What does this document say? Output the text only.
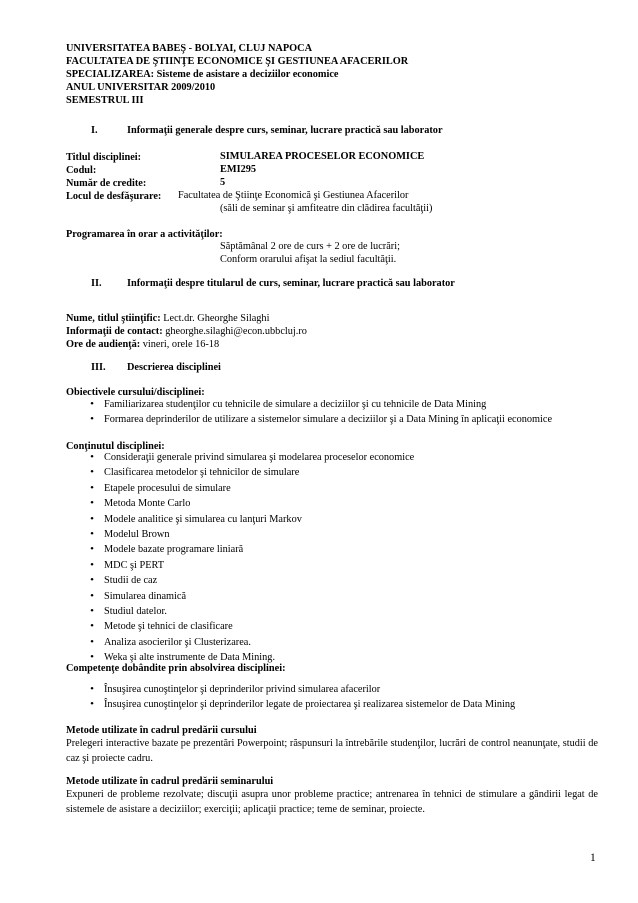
UNIVERSITATEA BABEŞ - BOLYAI, CLUJ NAPOCA
FACULTATEA DE ŞTIINŢE ECONOMICE ŞI GESTIUNEA AFACERILOR
SPECIALIZAREA: Sisteme de asistare a deciziilor economice
ANUL UNIVERSITAR 2009/2010
SEMESTRUL III
I.	Informaţii generale despre curs, seminar, lucrare practică sau laborator
Titlul disciplinei:	SIMULAREA PROCESELOR ECONOMICE
Codul:	EMI295
Număr de credite:	5
Locul de desfăşurare: Facultatea de Ştiinţe Economică şi Gestiunea Afacerilor
(săli de seminar şi amfiteatre din clădirea facultăţii)
Programarea în orar a activităţilor:
Săptămânal 2 ore de curs + 2 ore de lucrări;
Conform orarului afişat la sediul facultăţii.
II. Informaţii despre titularul de curs, seminar, lucrare practică sau laborator
Nume, titlul ştiinţific: Lect.dr. Gheorghe Silaghi
Informaţii de contact: gheorghe.silaghi@econ.ubbcluj.ro
Ore de audienţă: vineri, orele 16-18
III. Descrierea disciplinei
Obiectivele cursului/disciplinei:
• Familiarizarea studenţilor cu tehnicile de simulare a deciziilor şi cu tehnicile de Data Mining
• Formarea deprinderilor de utilizare a sistemelor simulare a deciziilor şi a Data Mining în aplicaţii economice
Conţinutul disciplinei:
• Consideraţii generale privind simularea şi modelarea proceselor economice
• Clasificarea metodelor şi tehnicilor de simulare
• Etapele procesului de simulare
• Metoda Monte Carlo
• Modele analitice şi simularea cu lanţuri Markov
• Modelul Brown
• Modele bazate programare liniară
• MDC şi PERT
• Studii de caz
• Simularea dinamică
• Studiul datelor.
• Metode şi tehnici de clasificare
• Analiza asocierilor şi Clusterizarea.
• Weka şi alte instrumente de Data Mining.
Competenţe dobândite prin absolvirea disciplinei:
• Însuşirea cunoştinţelor şi deprinderilor privind simularea afacerilor
• Însuşirea cunoştinţelor şi deprinderilor legate de proiectarea şi realizarea sistemelor de Data Mining
Metode utilizate în cadrul predării cursului
Prelegeri interactive bazate pe prezentări Powerpoint; răspunsuri la întrebările studenţilor, lucrări de control neanunţate, studii de caz şi proiecte cadru.
Metode utilizate în cadrul predării seminarului
Expuneri de probleme rezolvate; discuţii asupra unor probleme practice; antrenarea în tehnici de stimulare a gândirii legat de sistemele de asistare a deciziilor; exerciţii; aplicaţii practice; teme de seminar, proiecte.
1
